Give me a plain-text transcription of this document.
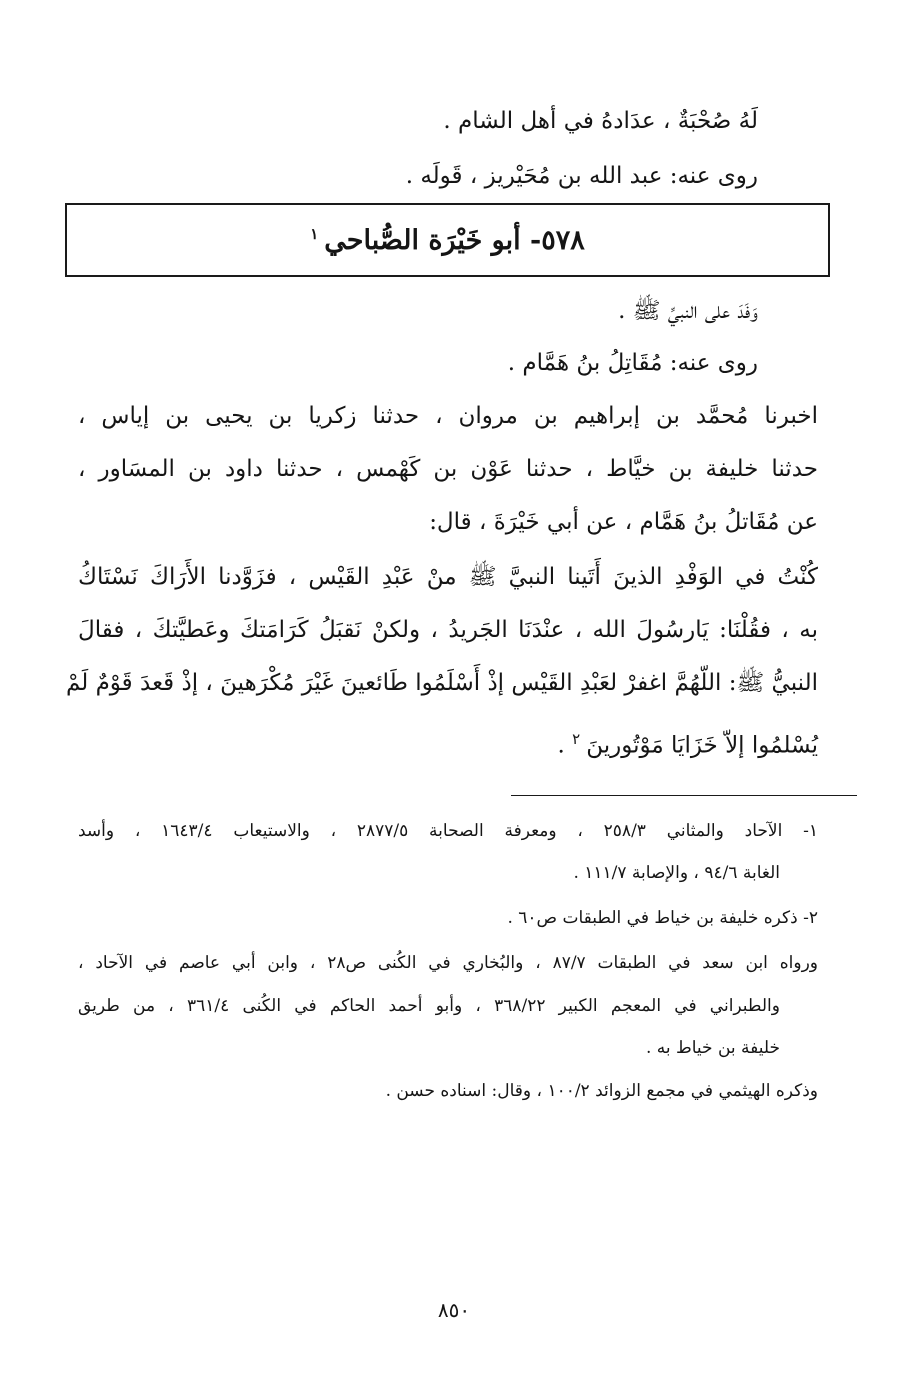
لَهُ صُحْبَةٌ ، عدَادهُ في أهل الشام .
روى عنه: عبد الله بن مُحَيْريز ، قَولَه .
٥٧٨- أبو خَيْرَة الصُّباحي$^١$
وَفَدَ على النبيِّ ﷺ .
روى عنه: مُقَاتِلُ بنُ هَمَّام .
اخبرنا مُحمَّد بن إبراهيم بن مروان ، حدثنا زكريا بن يحيى بن إياس ،
حدثنا خليفة بن خيَّاط ، حدثنا عَوْن بن كَهْمس ، حدثنا داود بن المسَاور ،
عن مُقَاتلُ بنُ هَمَّام ، عن أبي خَيْرَةَ ، قال:
كُنْتُ في الوَفْدِ الذينَ أَتَينا النبيَّ ﷺ منْ عَبْدِ القَيْس ، فزَوَّدنا الأَرَاكَ نَسْتَاكُ
به ، فقُلْنَا: يَارسُولَ الله ، عنْدَنَا الجَريدُ ، ولكنْ نَقبَلُ كَرَامَتكَ وعَطيَّتكَ ، فقالَ
النبيُّ ﷺ: اللّهُمَّ اغفرْ لعَبْدِ القَيْس إذْ أَسْلَمُوا طَائعينَ غَيْرَ مُكْرَهينَ ، إذْ قَعدَ قَوْمٌ لَمْ
يُسْلمُوا إلاّ خَزَايَا مَوْتُورينَ$^٢$ .
١- الآحاد والمثاني ٢٥٨/٣ ، ومعرفة الصحابة ٢٨٧٧/٥ ، والاستيعاب ١٦٤٣/٤ ، وأسد
الغابة ٩٤/٦ ، والإصابة ١١١/٧ .
٢- ذكره خليفة بن خياط في الطبقات ص٦٠ .
ورواه ابن سعد في الطبقات ٨٧/٧ ، والبُخاري في الكُنى ص٢٨ ، وابن أبي عاصم في الآحاد ،
والطبراني في المعجم الكبير ٣٦٨/٢٢ ، وأبو أحمد الحاكم في الكُنى ٣٦١/٤ ، من طريق
خليفة بن خياط به .
وذكره الهيثمي في مجمع الزوائد ١٠٠/٢ ، وقال: اسناده حسن .
٨٥٠
